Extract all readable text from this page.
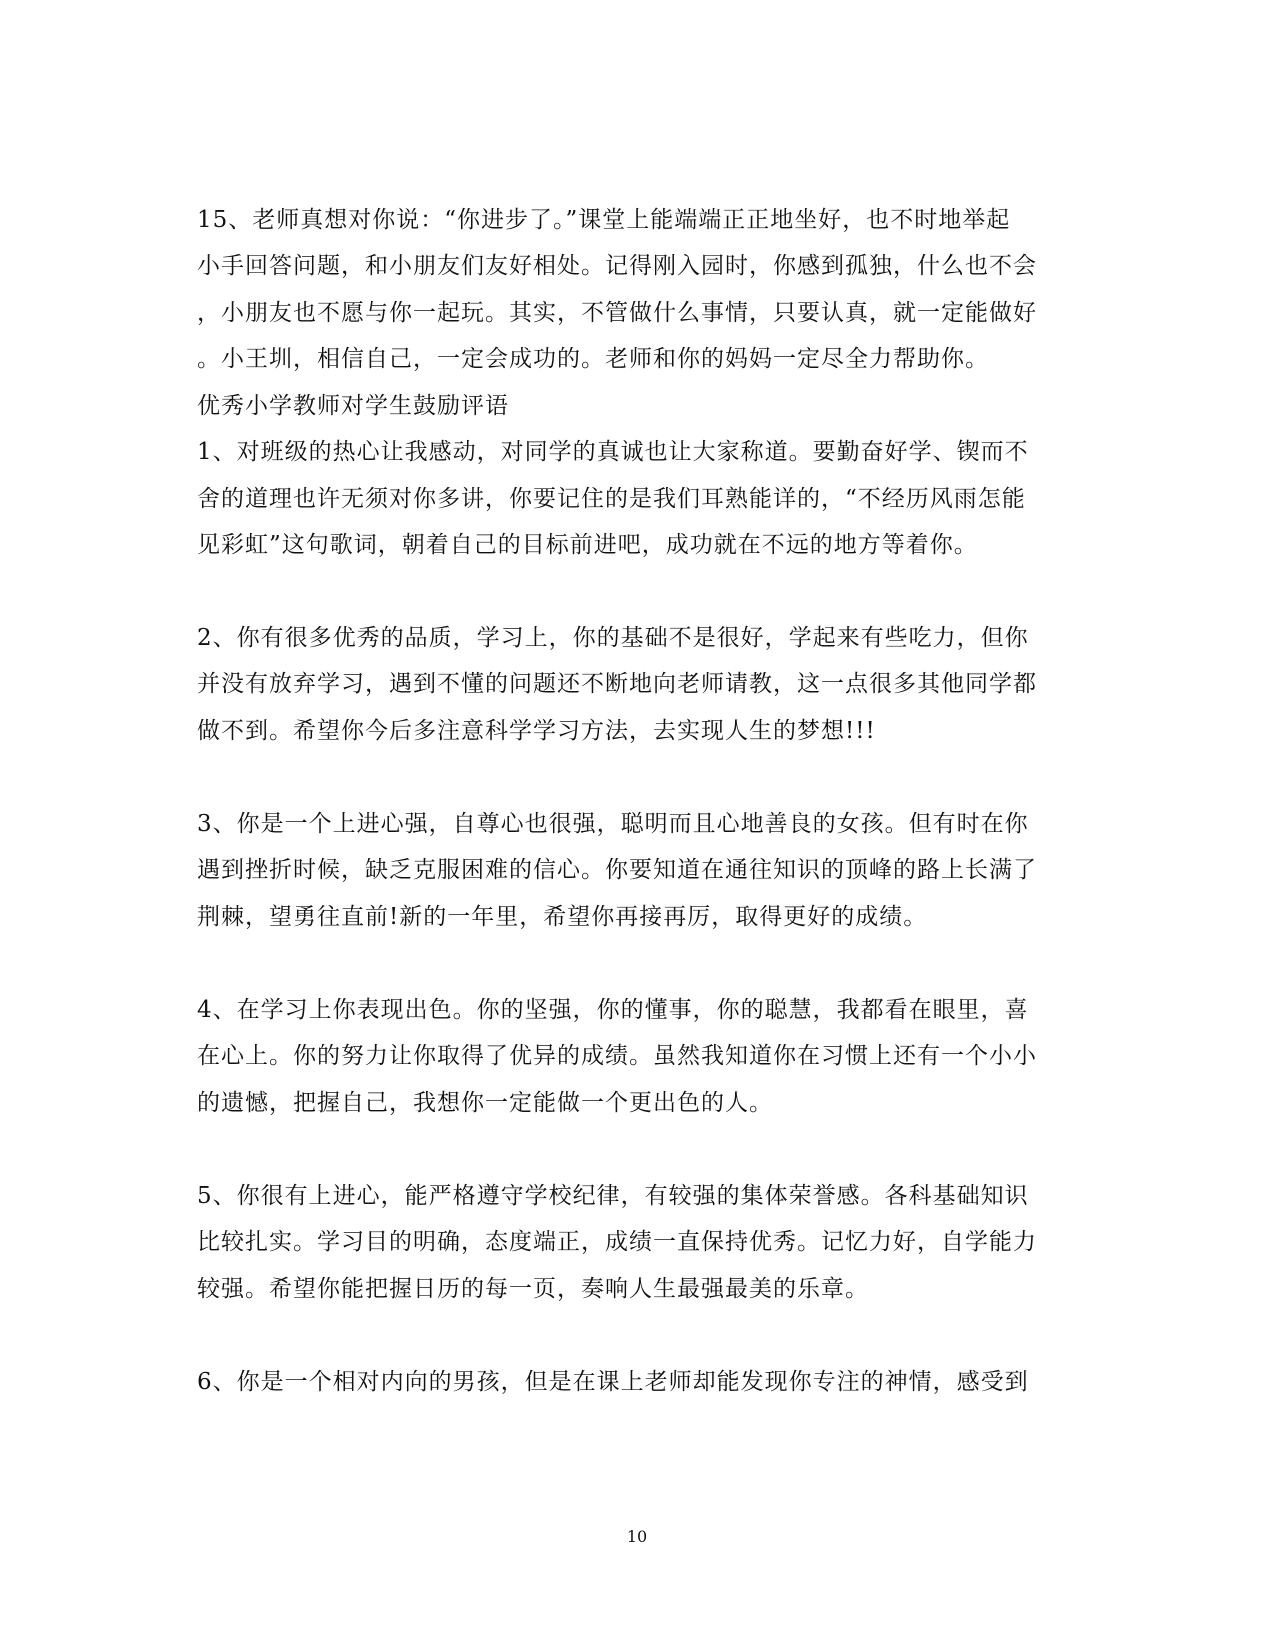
15、老师真想对你说：“你进步了。”课堂上能端端正正地坐好，也不时地举起
小手回答问题，和小朋友们友好相处。记得刚入园时，你感到孤独，什么也不会
，小朋友也不愿与你一起玩。其实，不管做什么事情，只要认真，就一定能做好
。小王圳，相信自己，一定会成功的。老师和你的妈妈一定尽全力帮助你。
优秀小学教师对学生鼓励评语
1、对班级的热心让我感动，对同学的真诚也让大家称道。要勤奋好学、锲而不
舍的道理也许无须对你多讲，你要记住的是我们耳熟能详的，“不经历风雨怎能
见彩虹”这句歌词，朝着自己的目标前进吧，成功就在不远的地方等着你。
2、你有很多优秀的品质，学习上，你的基础不是很好，学起来有些吃力，但你
并没有放弃学习，遇到不懂的问题还不断地向老师请教，这一点很多其他同学都
做不到。希望你今后多注意科学学习方法，去实现人生的梦想!!!
3、你是一个上进心强，自尊心也很强，聪明而且心地善良的女孩。但有时在你
遇到挫折时候，缺乏克服困难的信心。你要知道在通往知识的顶峰的路上长满了
荆棘，望勇往直前!新的一年里，希望你再接再厉，取得更好的成绩。
4、在学习上你表现出色。你的坚强，你的懂事，你的聪慧，我都看在眼里，喜
在心上。你的努力让你取得了优异的成绩。虽然我知道你在习惯上还有一个小小
的遗憾，把握自己，我想你一定能做一个更出色的人。
5、你很有上进心，能严格遵守学校纪律，有较强的集体荣誉感。各科基础知识
比较扎实。学习目的明确，态度端正，成绩一直保持优秀。记忆力好，自学能力
较强。希望你能把握日历的每一页，奏响人生最强最美的乐章。
6、你是一个相对内向的男孩，但是在课上老师却能发现你专注的神情，感受到
10
